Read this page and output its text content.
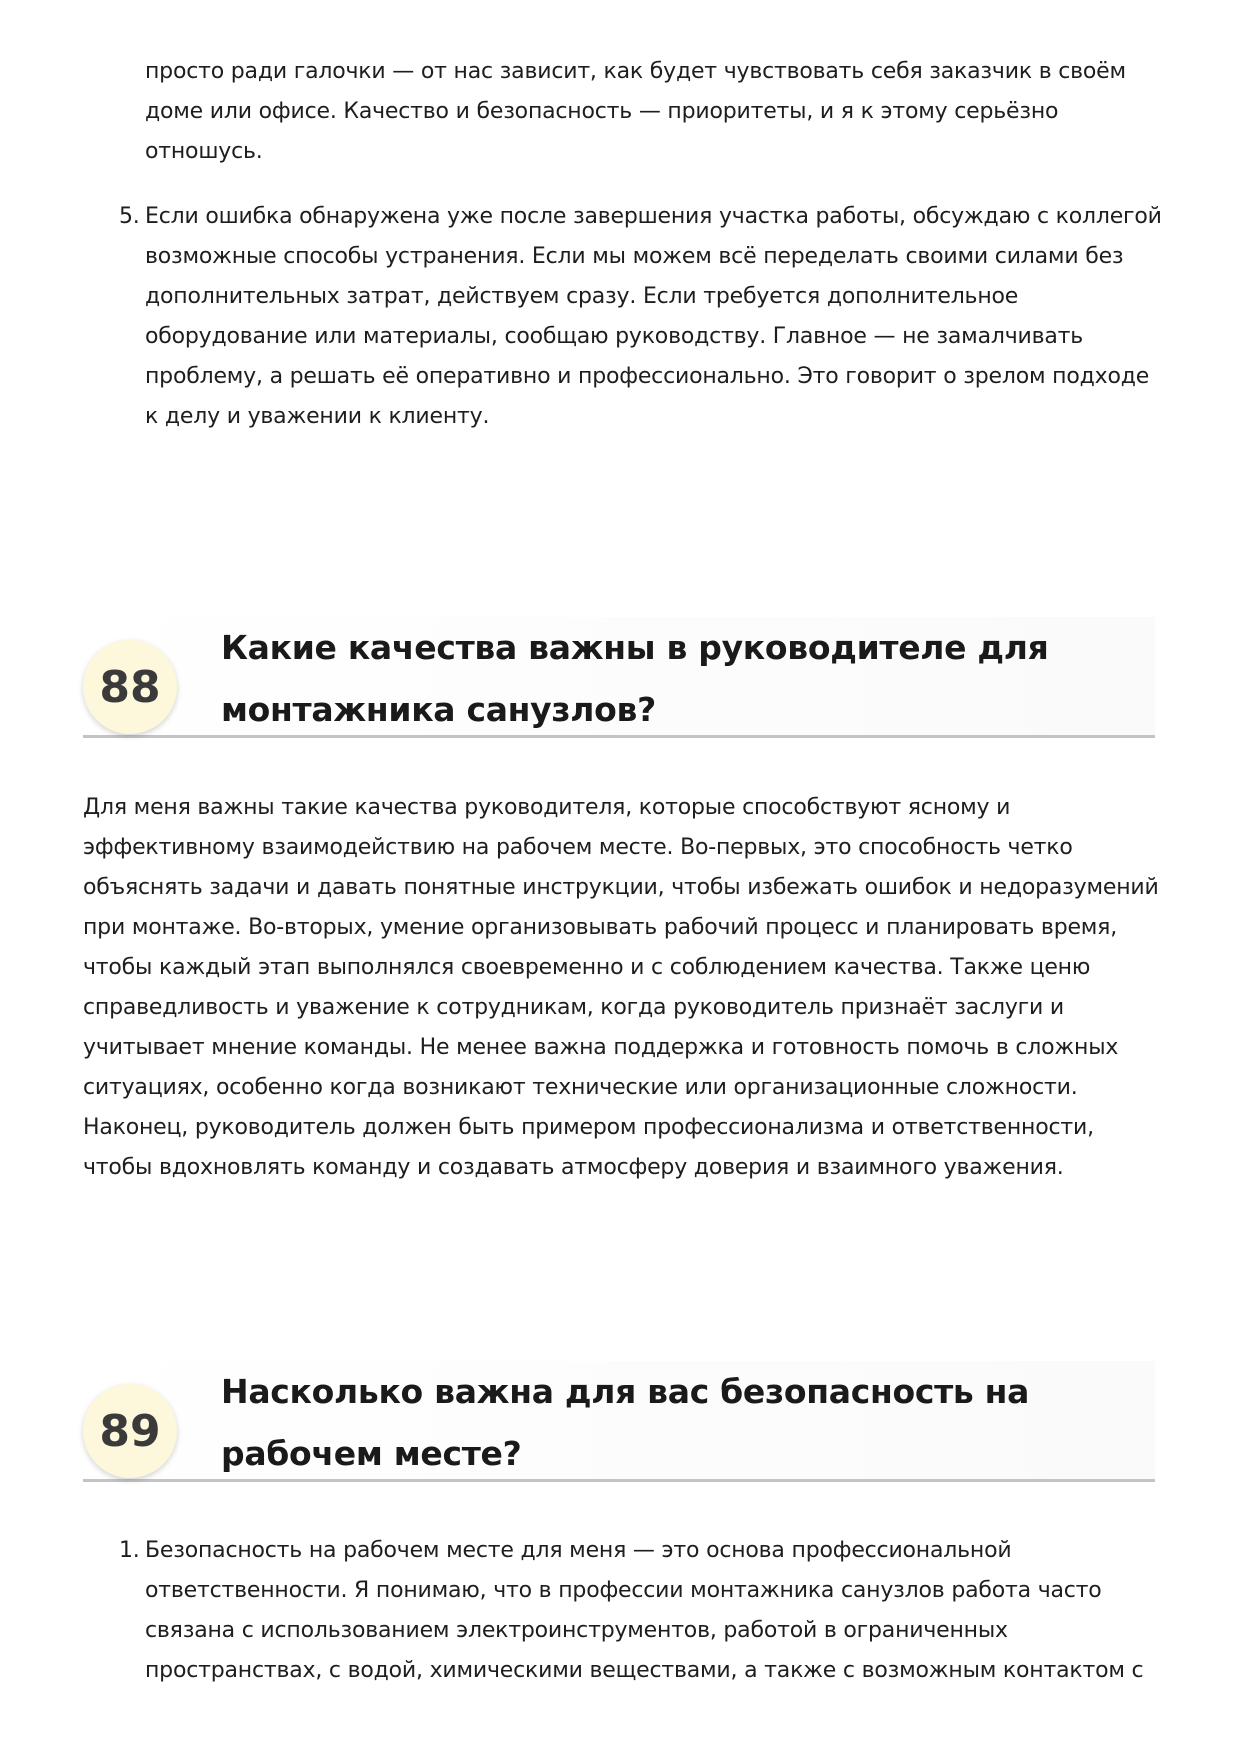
просто ради галочки — от нас зависит, как будет чувствовать себя заказчик в своём доме или офисе. Качество и безопасность — приоритеты, и я к этому серьёзно отношусь.
5. Если ошибка обнаружена уже после завершения участка работы, обсуждаю с коллегой возможные способы устранения. Если мы можем всё переделать своими силами без дополнительных затрат, действуем сразу. Если требуется дополнительное оборудование или материалы, сообщаю руководству. Главное — не замалчивать проблему, а решать её оперативно и профессионально. Это говорит о зрелом подходе к делу и уважении к клиенту.
88
Какие качества важны в руководителе для монтажника санузлов?

Для меня важны такие качества руководителя, которые способствуют ясному и эффективному взаимодействию на рабочем месте. Во-первых, это способность четко объяснять задачи и давать понятные инструкции, чтобы избежать ошибок и недоразумений при монтаже. Во-вторых, умение организовывать рабочий процесс и планировать время, чтобы каждый этап выполнялся своевременно и с соблюдением качества. Также ценю справедливость и уважение к сотрудникам, когда руководитель признаёт заслуги и учитывает мнение команды. Не менее важна поддержка и готовность помочь в сложных ситуациях, особенно когда возникают технические или организационные сложности. Наконец, руководитель должен быть примером профессионализма и ответственности, чтобы вдохновлять команду и создавать атмосферу доверия и взаимного уважения.

89
Насколько важна для вас безопасность на рабочем месте?
1. Безопасность на рабочем месте для меня — это основа профессиональной ответственности. Я понимаю, что в профессии монтажника санузлов работа часто связана с использованием электроинструментов, работой в ограниченных пространствах, с водой, химическими веществами, а также с возможным контактом с
